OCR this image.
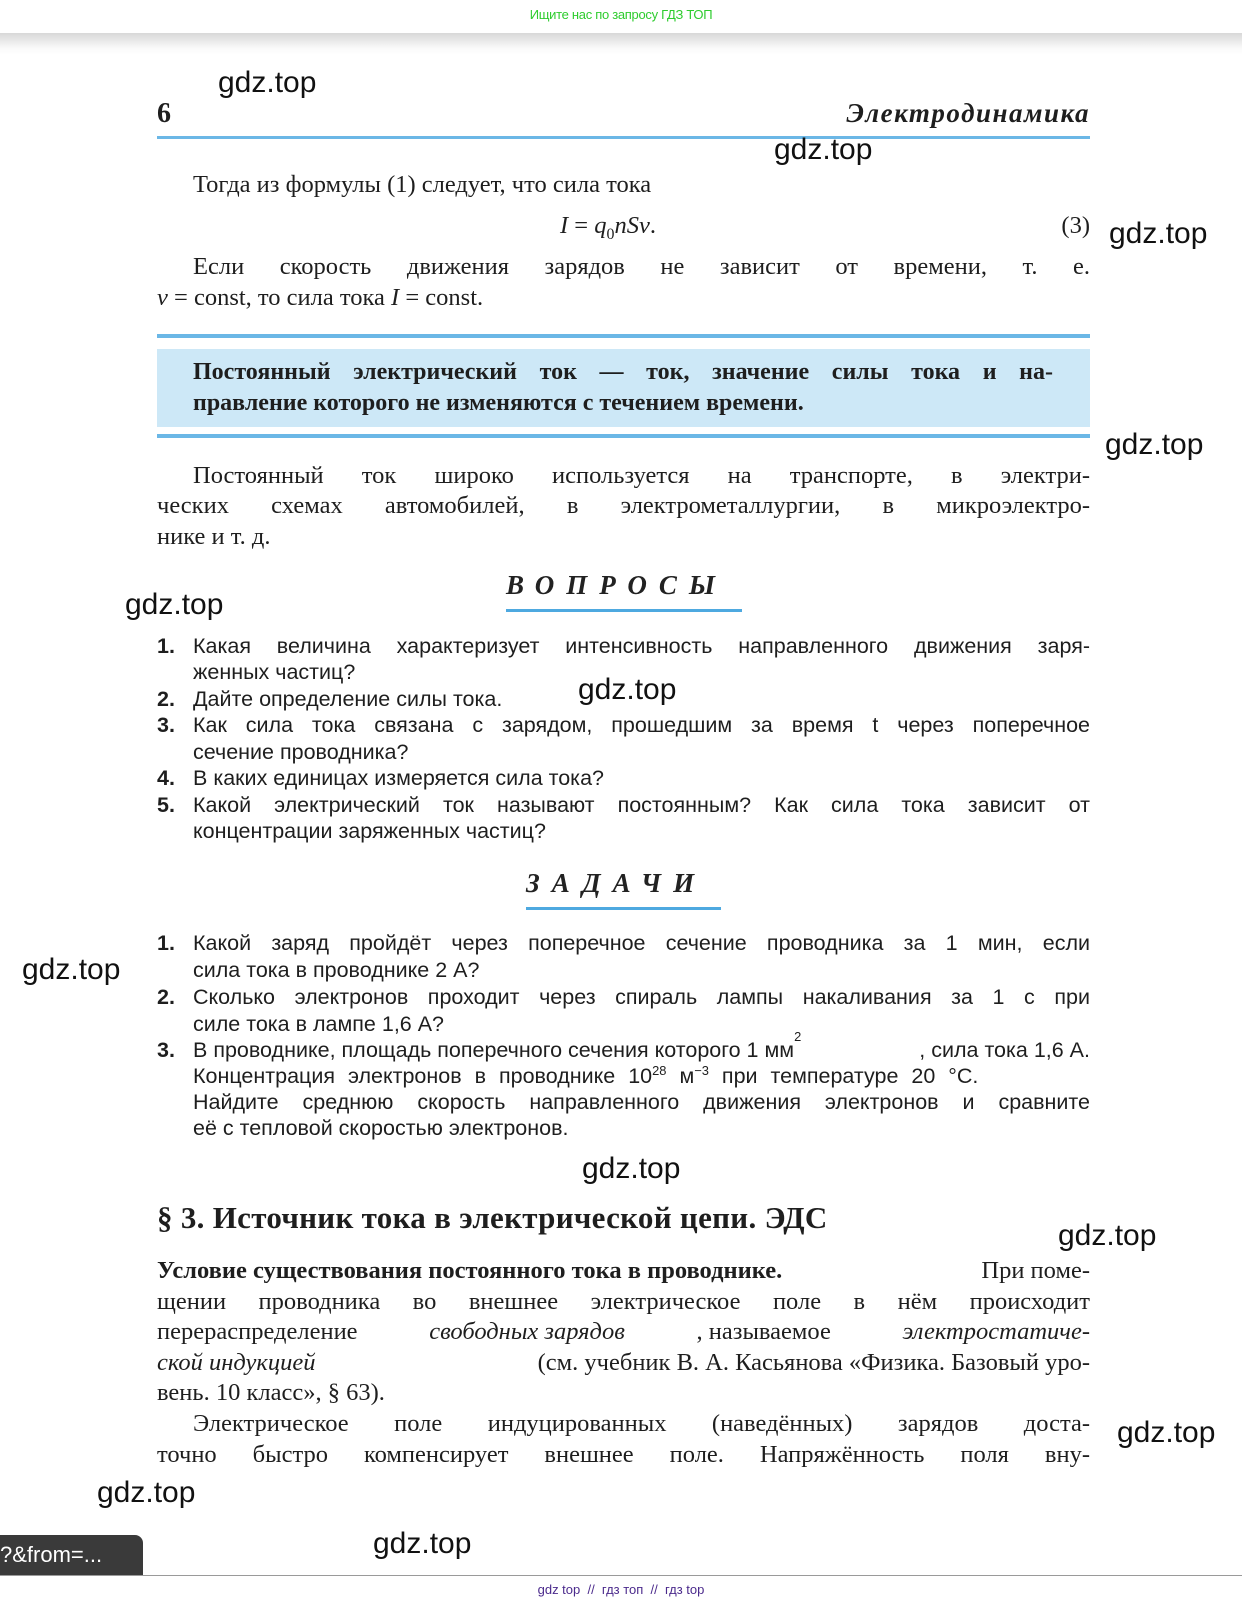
Ищите нас по запросу ГДЗ ТОП
6	Электродинамика
Тогда из формулы (1) следует, что сила тока
$I = q_0nSv$.	(3)
Если скорость движения зарядов не зависит от времени, т. е.
v = const, то сила тока I = const.
Постоянный электрический ток — ток, значение силы тока и на-
правление которого не изменяются с течением времени.
Постоянный ток широко используется на транспорте, в электри-
ческих схемах автомобилей, в электрометаллургии, в микроэлектро-
нике и т. д.
ВОПРОСЫ
1. Какая величина характеризует интенсивность направленного движения заря-
женных частиц?
2. Дайте определение силы тока.
3. Как сила тока связана с зарядом, прошедшим за время t через поперечное
сечение проводника?
4. В каких единицах измеряется сила тока?
5. Какой электрический ток называют постоянным? Как сила тока зависит от
концентрации заряженных частиц?
ЗАДАЧИ
1. Какой заряд пройдёт через поперечное сечение проводника за 1 мин, если
сила тока в проводнике 2 А?
2. Сколько электронов проходит через спираль лампы накаливания за 1 с при
силе тока в лампе 1,6 А?
3. В проводнике, площадь поперечного сечения которого 1 мм
2
, сила тока 1,6 А.
Концентрация электронов в проводнике $10^{28}$ $м^{-3}$ при температуре 20 °С.
Найдите среднюю скорость направленного движения электронов и сравните
её с тепловой скоростью электронов.
§ 3. Источник тока в электрической цепи. ЭДС
Условие существования постоянного тока в проводнике.	При поме-
щении проводника во внешнее электрическое поле в нём происходит
перераспределение	свободных зарядов	, называемое	электростатиче-
ской индукцией	(см. учебник В. А. Касьянова «Физика. Базовый уро-
вень. 10 класс», § 63).
Электрическое поле индуцированных (наведённых) зарядов доста-
точно быстро компенсирует внешнее поле. Напряжённость поля вну-
gdz.top
gdz.top
gdz.top
gdz.top
gdz.top
gdz.top
gdz.top
gdz.top
gdz.top
gdz.top
gdz.top
gdz.top
?&from=...
gdz top  //  гдз топ  //  гдз top
